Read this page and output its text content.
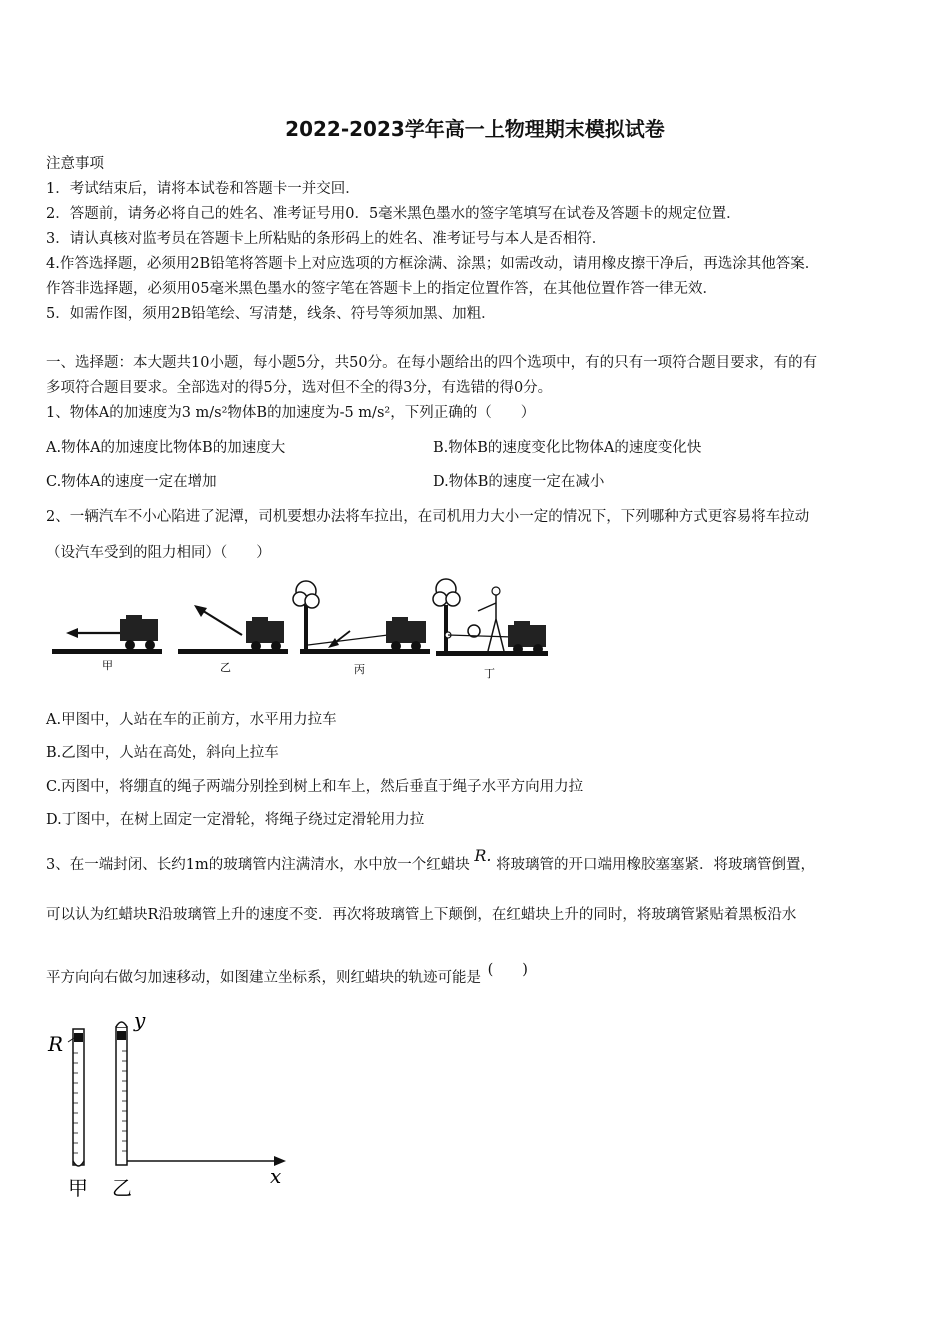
2022-2023学年高一上物理期末模拟试卷
注意事项
1．考试结束后，请将本试卷和答题卡一并交回．
2．答题前，请务必将自己的姓名、准考证号用0．5毫米黑色墨水的签字笔填写在试卷及答题卡的规定位置．
3．请认真核对监考员在答题卡上所粘贴的条形码上的姓名、准考证号与本人是否相符．
4.作答选择题，必须用2B铅笔将答题卡上对应选项的方框涂满、涂黑；如需改动，请用橡皮擦干净后，再选涂其他答案．
作答非选择题，必须用05毫米黑色墨水的签字笔在答题卡上的指定位置作答，在其他位置作答一律无效．
5．如需作图，须用2B铅笔绘、写清楚，线条、符号等须加黑、加粗．
一、选择题：本大题共10小题，每小题5分，共50分。在每小题给出的四个选项中，有的只有一项符合题目要求，有的有
多项符合题目要求。全部选对的得5分，选对但不全的得3分，有选错的得0分。
1、物体A的加速度为3 m/s²物体B的加速度为-5 m/s²，下列正确的（　　）
A.物体A的加速度比物体B的加速度大	B.物体B的速度变化比物体A的速度变化快
C.物体A的速度一定在增加	D.物体B的速度一定在减小
2、一辆汽车不小心陷进了泥潭，司机要想办法将车拉出，在司机用力大小一定的情况下，下列哪种方式更容易将车拉动
（设汽车受到的阻力相同）（　　）
甲	乙	丙	丁
A.甲图中，人站在车的正前方，水平用力拉车
B.乙图中，人站在高处，斜向上拉车
C.丙图中，将绷直的绳子两端分别拴到树上和车上，然后垂直于绳子水平方向用力拉
D.丁图中，在树上固定一定滑轮，将绳子绕过定滑轮用力拉
3、在一端封闭、长约1m的玻璃管内注满清水，水中放一个红蜡块 R. 将玻璃管的开口端用橡胶塞塞紧．将玻璃管倒置，
可以认为红蜡块R沿玻璃管上升的速度不变．再次将玻璃管上下颠倒，在红蜡块上升的同时，将玻璃管紧贴着黑板沿水
平方向向右做匀加速移动，如图建立坐标系，则红蜡块的轨迹可能是 (　　)
R
甲	x
y
乙
